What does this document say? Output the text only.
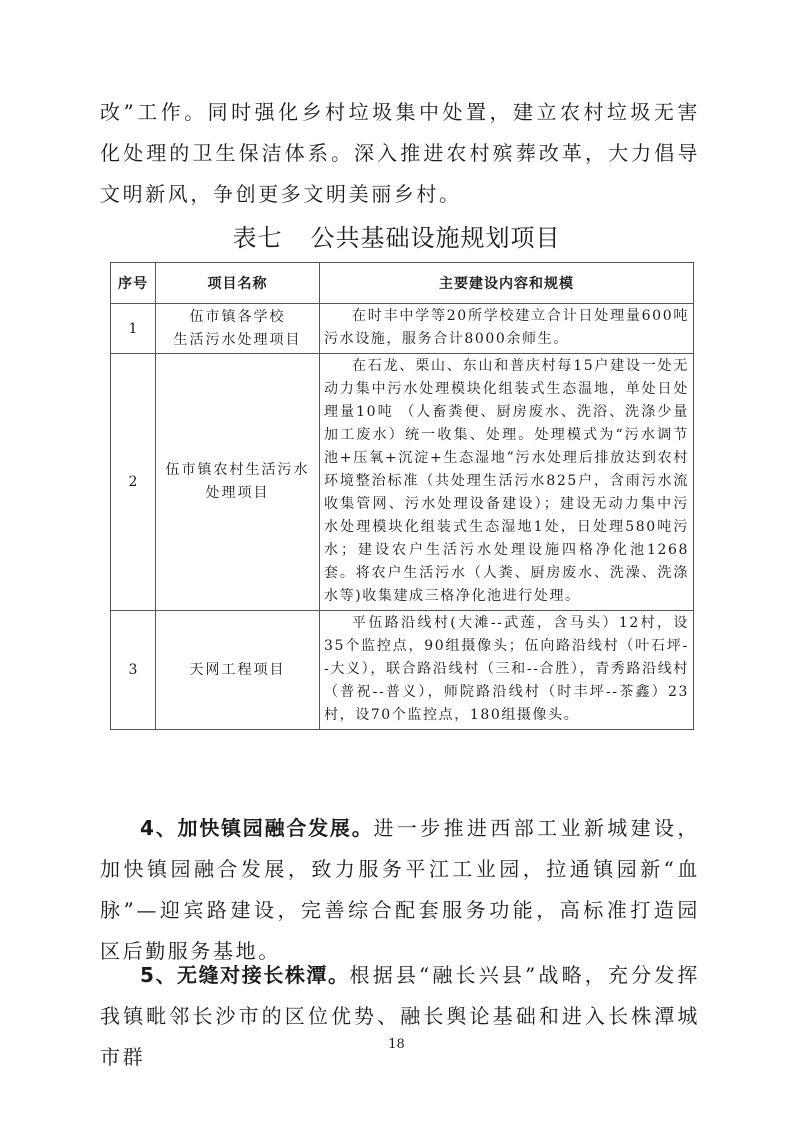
改”工作。同时强化乡村垃圾集中处置，建立农村垃圾无害化处理的卫生保洁体系。深入推进农村殡葬改革，大力倡导文明新风，争创更多文明美丽乡村。

表七 公共基础设施规划项目
序号	项目名称	主要建设内容和规模
1	伍市镇各学校
生活污水处理项目	在时丰中学等20所学校建立合计日处理量600吨污水设施，服务合计8000余师生。

2	伍市镇农村生活污水
处理项目	在石龙、栗山、东山和普庆村每15户建设一处无动力集中污水处理模块化组装式生态温地，单处日处理量10吨 （人畜粪便、厨房废水、洗浴、洗涤少量加工废水）统一收集、处理。处理模式为“污水调节池+压氧+沉淀+生态湿地”污水处理后排放达到农村环境整治标准（共处理生活污水825户，含雨污水流收集管网、污水处理设备建设）；建设无动力集中污水处理模块化组装式生态湿地1处，日处理580吨污水；建设农户生活污水处理设施四格净化池1268套。将农户生活污水（人粪、厨房废水、洗澡、洗涤水等)收集建成三格净化池进行处理。

3	天网工程项目	平伍路沿线村(大滩--武莲，含马头）12村，设35个监控点，90组摄像头；伍向路沿线村（叶石坪--大义），联合路沿线村（三和--合胜），青秀路沿线村（普祝--普义），师院路沿线村（时丰坪--茶鑫）23村，设70个监控点，180组摄像头。

4、加快镇园融合发展。进一步推进西部工业新城建设，加快镇园融合发展，致力服务平江工业园，拉通镇园新“血脉”—迎宾路建设，完善综合配套服务功能，高标准打造园区后勤服务基地。

5、无缝对接长株潭。根据县“融长兴县”战略，充分发挥我镇毗邻长沙市的区位优势、融长舆论基础和进入长株潭城市群

18
